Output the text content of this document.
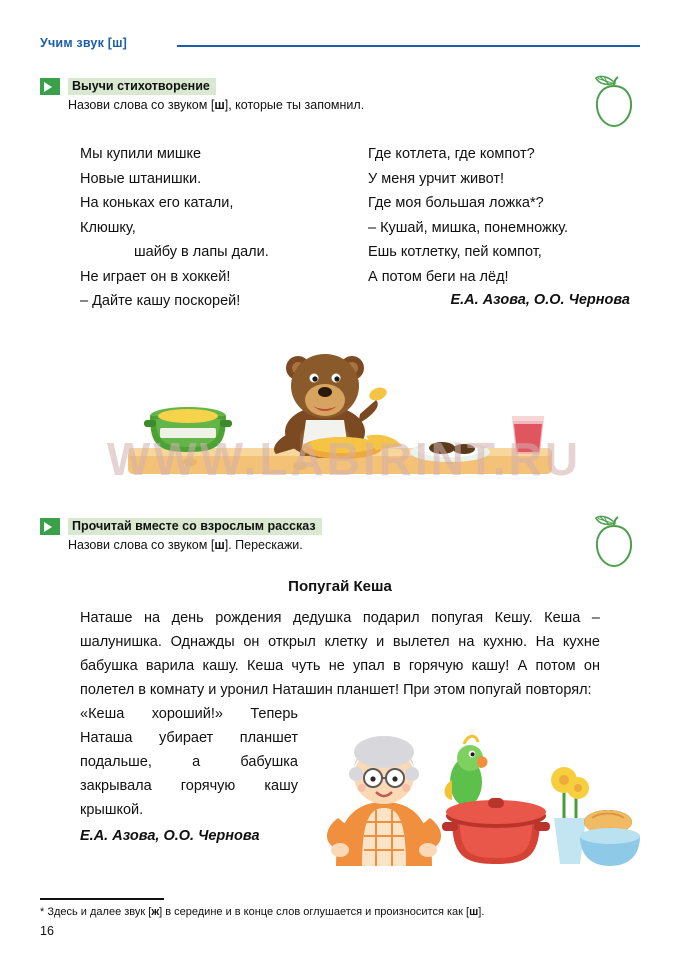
Учим звук [ш]
Выучи стихотворение
Назови слова со звуком [ш], которые ты запомнил.
Мы купили мишке
Новые штанишки.
На коньках его катали,
Клюшку,
шайбу в лапы дали.
Не играет он в хоккей!
– Дайте кашу поскорей!
Где котлета, где компот?
У меня урчит живот!
Где моя большая ложка*?
– Кушай, мишка, понемножку.
Ешь котлетку, пей компот,
А потом беги на лёд!
Е.А. Азова, О.О. Чернова
WWW.LABIRINT.RU
Прочитай вместе со взрослым рассказ
Назови слова со звуком [ш]. Перескажи.
Попугай Кеша

Наташе на день рождения дедушка подарил попугая Кешу. Кеша – шалунишка. Однажды он открыл клетку и вылетел на кухню. На кухне бабушка варила кашу. Кеша чуть не упал в горячую кашу! А потом он полетел в комнату и уронил Наташин планшет! При этом попугай повторял:

«Кеша хороший!» Теперь Наташа убирает планшет подальше, а бабушка закрывала горячую кашу крышкой.

Е.А. Азова, О.О. Чернова
* Здесь и далее звук [ж] в середине и в конце слов оглушается и произносится как [ш].
16
